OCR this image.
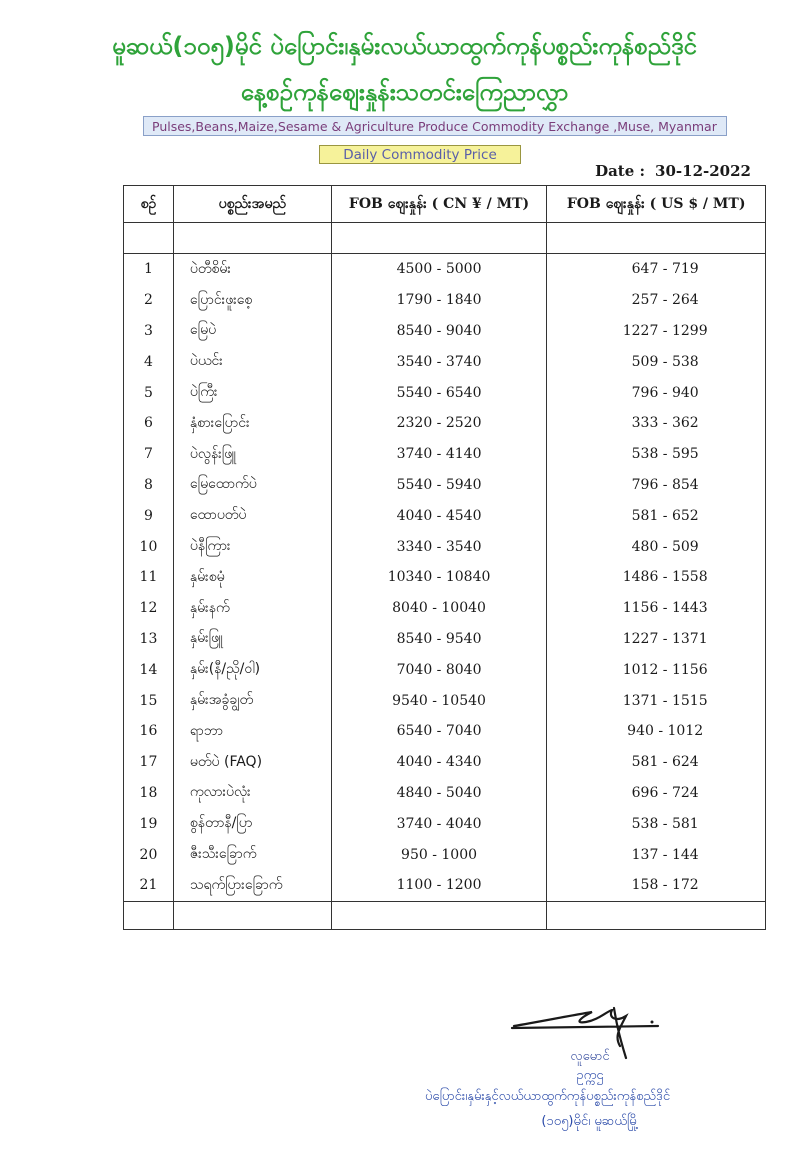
မူဆယ်(၁၀၅)မိုင် ပဲပြောင်း၊နှမ်းလယ်ယာထွက်ကုန်ပစ္စည်းကုန်စည်ဒိုင်
နေ့စဉ်ကုန်ဈေးနှုန်းသတင်းကြေညာလွှာ
Pulses,Beans,Maize,Sesame & Agriculture Produce Commodity Exchange ,Muse, Myanmar
Daily Commodity Price
Date : 30-12-2022
စဉ်	ပစ္စည်းအမည်	FOB ဈေးနှုန်း ( CN ¥ / MT)	FOB ဈေးနှုန်း ( US $ / MT)

1	ပဲတီစိမ်း	4500 - 5000	647 - 719
2	ပြောင်းဖူးစေ့	1790 - 1840	257 - 264
3	မြေပဲ	8540 - 9040	1227 - 1299
4	ပဲယင်း	3540 - 3740	509 - 538
5	ပဲကြီး	5540 - 6540	796 - 940
6	နှံစားပြောင်း	2320 - 2520	333 - 362
7	ပဲလွန်းဖြူ	3740 - 4140	538 - 595
8	မြေထောက်ပဲ	5540 - 5940	796 - 854
9	ထောပတ်ပဲ	4040 - 4540	581 - 652
10	ပဲနီကြား	3340 - 3540	480 - 509
11	နှမ်းစမုံ	10340 - 10840	1486 - 1558
12	နှမ်းနက်	8040 - 10040	1156 - 1443
13	နှမ်းဖြူ	8540 - 9540	1227 - 1371
14	နှမ်း(နီ/ညို/ဝါ)	7040 - 8040	1012 - 1156
15	နှမ်းအခွံချွတ်	9540 - 10540	1371 - 1515
16	ရာဘာ	6540 - 7040	940 - 1012
17	မတ်ပဲ (FAQ)	4040 - 4340	581 - 624
18	ကုလားပဲလုံး	4840 - 5040	696 - 724
19	စွန်တာနီ/ပြာ	3740 - 4040	538 - 581
20	ဇီးသီးခြောက်	950 - 1000	137 - 144
21	သရက်ပြားခြောက်	1100 - 1200	158 - 172

လူမောင်
ဥက္ကဌ
ပဲပြောင်း၊နှမ်းနှင့်လယ်ယာထွက်ကုန်ပစ္စည်းကုန်စည်ဒိုင်
(၁၀၅)မိုင်၊ မူဆယ်မြို့
